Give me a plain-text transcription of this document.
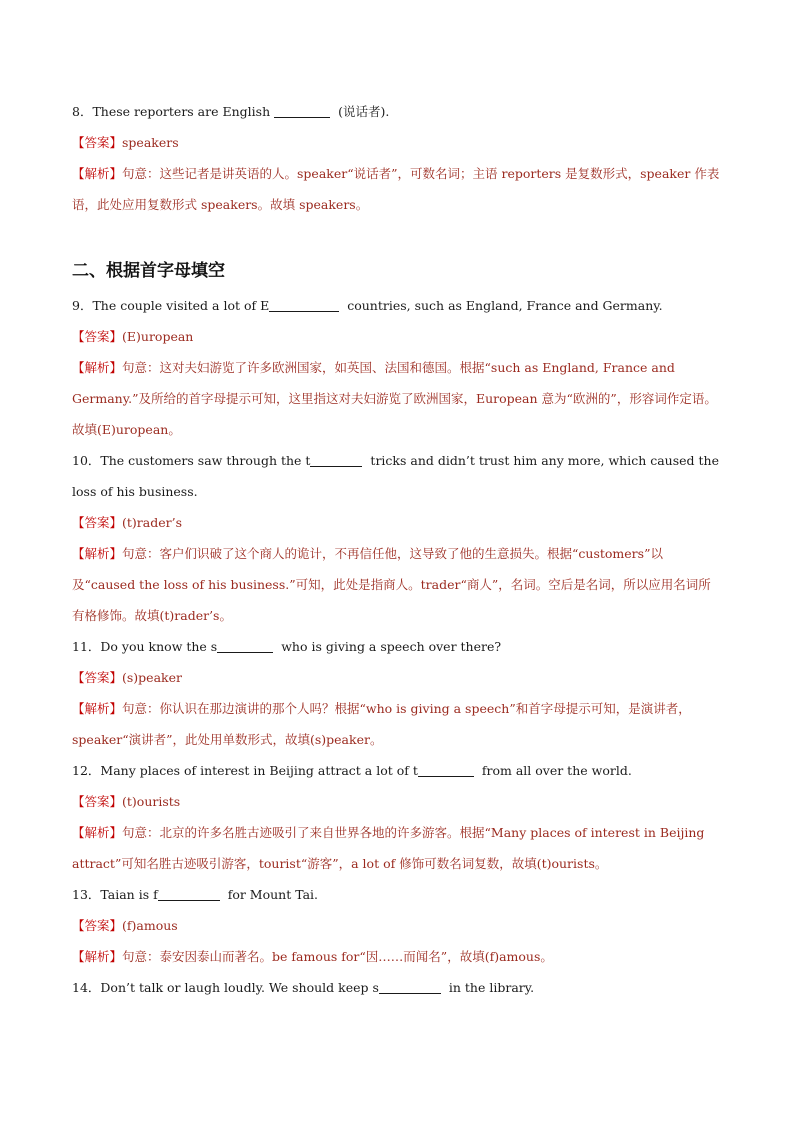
8．These reporters are English	(说话者).
【答案】speakers
【解析】句意：这些记者是讲英语的人。speaker“说话者”，可数名词；主语 reporters 是复数形式，speaker 作表语，此处应用复数形式 speakers。故填 speakers。
二、根据首字母填空
9．The couple visited a lot of E	countries, such as England, France and Germany.
【答案】(E)uropean
【解析】句意：这对夫妇游览了许多欧洲国家，如英国、法国和德国。根据“such as England, France and Germany.”及所给的首字母提示可知，这里指这对夫妇游览了欧洲国家，European 意为“欧洲的”，形容词作定语。故填(E)uropean。
10．The customers saw through the t	tricks and didn’t trust him any more, which caused the loss of his business.
【答案】(t)rader’s
【解析】句意：客户们识破了这个商人的诡计，不再信任他，这导致了他的生意损失。根据“customers”以及“caused the loss of his business.”可知，此处是指商人。trader“商人”，名词。空后是名词，所以应用名词所有格修饰。故填(t)rader’s。
11．Do you know the s	who is giving a speech over there?
【答案】(s)peaker
【解析】句意：你认识在那边演讲的那个人吗？根据“who is giving a speech”和首字母提示可知，是演讲者，speaker“演讲者”，此处用单数形式，故填(s)peaker。
12．Many places of interest in Beijing attract a lot of t	from all over the world.
【答案】(t)ourists
【解析】句意：北京的许多名胜古迹吸引了来自世界各地的许多游客。根据“Many places of interest in Beijing attract”可知名胜古迹吸引游客，tourist“游客”，a lot of 修饰可数名词复数，故填(t)ourists。
13．Taian is f	for Mount Tai.
【答案】(f)amous
【解析】句意：泰安因泰山而著名。be famous for“因……而闻名”，故填(f)amous。
14．Don’t talk or laugh loudly. We should keep s	in the library.
